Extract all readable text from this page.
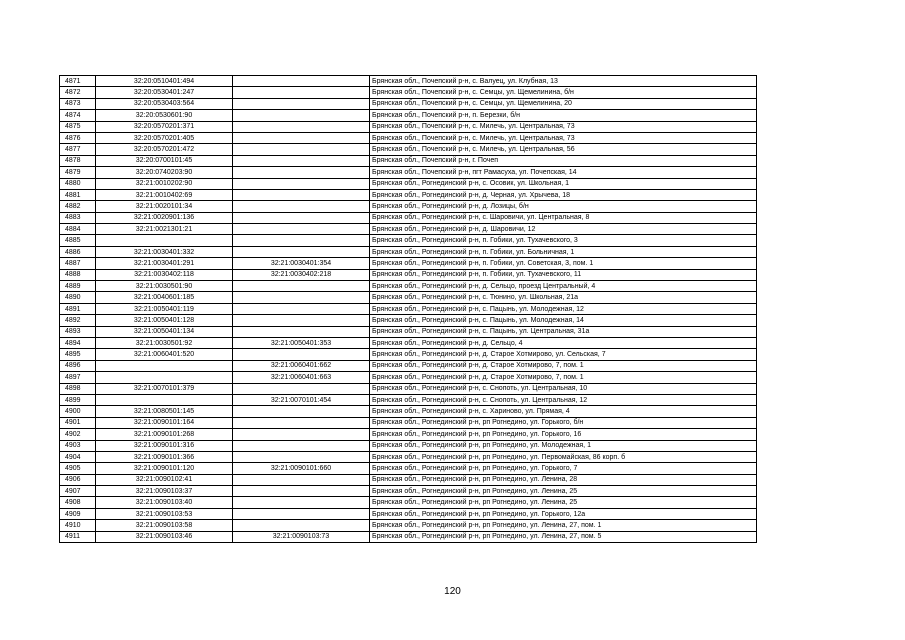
4871	32:20:0510401:494		Брянская обл., Почепский р-н, с. Валуец, ул. Клубная, 13
4872	32:20:0530401:247		Брянская обл., Почепский р-н, с. Семцы, ул. Щемелинина, б/н
4873	32:20:0530403:564		Брянская обл., Почепский р-н, с. Семцы, ул. Щемелинина, 20
4874	32:20:0530601:90		Брянская обл., Почепский р-н, п. Березки, б/н
4875	32:20:0570201:371		Брянская обл., Почепский р-н, с. Милечь, ул. Центральная, 73
4876	32:20:0570201:405		Брянская обл., Почепский р-н, с. Милечь, ул. Центральная, 73
4877	32:20:0570201:472		Брянская обл., Почепский р-н, с. Милечь, ул. Центральная, 56
4878	32:20:0700101:45		Брянская обл., Почепский р-н, г. Почеп
4879	32:20:0740203:90		Брянская обл., Почепский р-н, пгт Рамасуха, ул. Почепская, 14
4880	32:21:0010202:90		Брянская обл., Рогнединский р-н, с. Осовик, ул. Школьная, 1
4881	32:21:0010402:69		Брянская обл., Рогнединский р-н, д. Черная, ул. Хрычева, 18
4882	32:21:0020101:34		Брянская обл., Рогнединский р-н, д. Лозицы, б/н
4883	32:21:0020901:136		Брянская обл., Рогнединский р-н, с. Шаровичи, ул. Центральная, 8
4884	32:21:0021301:21		Брянская обл., Рогнединский р-н, д. Шаровичи, 12
4885			Брянская обл., Рогнединский р-н, п. Гобики, ул. Тухачевского, 3
4886	32:21:0030401:332		Брянская обл., Рогнединский р-н, п. Гобики, ул. Больничная, 1
4887	32:21:0030401:291	32:21:0030401:354	Брянская обл., Рогнединский р-н, п. Гобики, ул. Советская, 3, пом. 1
4888	32:21:0030402:118	32:21:0030402:218	Брянская обл., Рогнединский р-н, п. Гобики, ул. Тухачевского, 11
4889	32:21:0030501:90		Брянская обл., Рогнединский р-н, д. Сельцо, проезд Центральный, 4
4890	32:21:0040601:185		Брянская обл., Рогнединский р-н, с. Тюнино, ул. Школьная, 21а
4891	32:21:0050401:119		Брянская обл., Рогнединский р-н, с. Пацынь, ул. Молодежная, 12
4892	32:21:0050401:128		Брянская обл., Рогнединский р-н, с. Пацынь, ул. Молодежная, 14
4893	32:21:0050401:134		Брянская обл., Рогнединский р-н, с. Пацынь, ул. Центральная, 31а
4894	32:21:0030501:92	32:21:0050401:353	Брянская обл., Рогнединский р-н, д. Сельцо, 4
4895	32:21:0060401:520		Брянская обл., Рогнединский р-н, д. Старое Хотмирово, ул. Сельская, 7
4896		32:21:0060401:662	Брянская обл., Рогнединский р-н, д. Старое Хотмирово, 7, пом. 1
4897		32:21:0060401:663	Брянская обл., Рогнединский р-н, д. Старое Хотмирово, 7, пом. 1
4898	32:21:0070101:379		Брянская обл., Рогнединский р-н, с. Снопоть, ул. Центральная, 10
4899		32:21:0070101:454	Брянская обл., Рогнединский р-н, с. Снопоть, ул. Центральная, 12
4900	32:21:0080501:145		Брянская обл., Рогнединский р-н, с. Хариново, ул. Прямая, 4
4901	32:21:0090101:164		Брянская обл., Рогнединский р-н, рп Рогнедино, ул. Горького, б/н
4902	32:21:0090101:268		Брянская обл., Рогнединский р-н, рп Рогнедино, ул. Горького, 16
4903	32:21:0090101:316		Брянская обл., Рогнединский р-н, рп Рогнедино, ул. Молодежная, 1
4904	32:21:0090101:366		Брянская обл., Рогнединский р-н, рп Рогнедино, ул. Первомайская, 86 корп. б
4905	32:21:0090101:120	32:21:0090101:660	Брянская обл., Рогнединский р-н, рп Рогнедино, ул. Горького, 7
4906	32:21:0090102:41		Брянская обл., Рогнединский р-н, рп Рогнедино, ул. Ленина, 28
4907	32:21:0090103:37		Брянская обл., Рогнединский р-н, рп Рогнедино, ул. Ленина, 25
4908	32:21:0090103:40		Брянская обл., Рогнединский р-н, рп Рогнедино, ул. Ленина, 25
4909	32:21:0090103:53		Брянская обл., Рогнединский р-н, рп Рогнедино, ул. Горького, 12а
4910	32:21:0090103:58		Брянская обл., Рогнединский р-н, рп Рогнедино, ул. Ленина, 27, пом. 1
4911	32:21:0090103:46	32:21:0090103:73	Брянская обл., Рогнединский р-н, рп Рогнедино, ул. Ленина, 27, пом. 5
120
